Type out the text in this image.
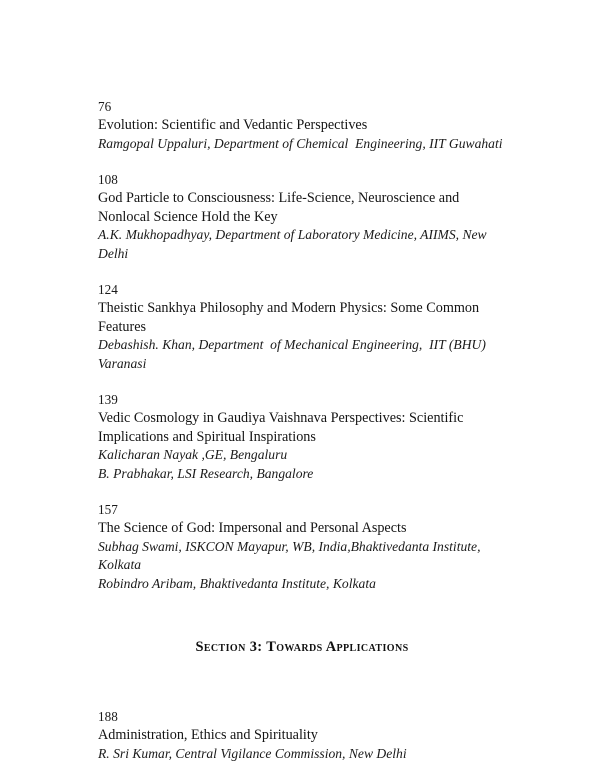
76
Evolution: Scientific and Vedantic Perspectives
Ramgopal Uppaluri, Department of Chemical  Engineering, IIT Guwahati
108
God Particle to Consciousness: Life-Science, Neuroscience and Nonlocal Science Hold the Key
A.K. Mukhopadhyay, Department of Laboratory Medicine, AIIMS, New Delhi
124
Theistic Sankhya Philosophy and Modern Physics: Some Common Features
Debashish. Khan, Department  of Mechanical Engineering,  IIT (BHU) Varanasi
139
Vedic Cosmology in Gaudiya Vaishnava Perspectives: Scientific Implications and Spiritual Inspirations
Kalicharan Nayak ,GE, Bengaluru
B. Prabhakar, LSI Research, Bangalore
157
The Science of God: Impersonal and Personal Aspects
Subhag Swami, ISKCON Mayapur, WB, India,Bhaktivedanta Institute, Kolkata
Robindro Aribam, Bhaktivedanta Institute, Kolkata
Section 3: Towards Applications
188
Administration, Ethics and Spirituality
R. Sri Kumar, Central Vigilance Commission, New Delhi
